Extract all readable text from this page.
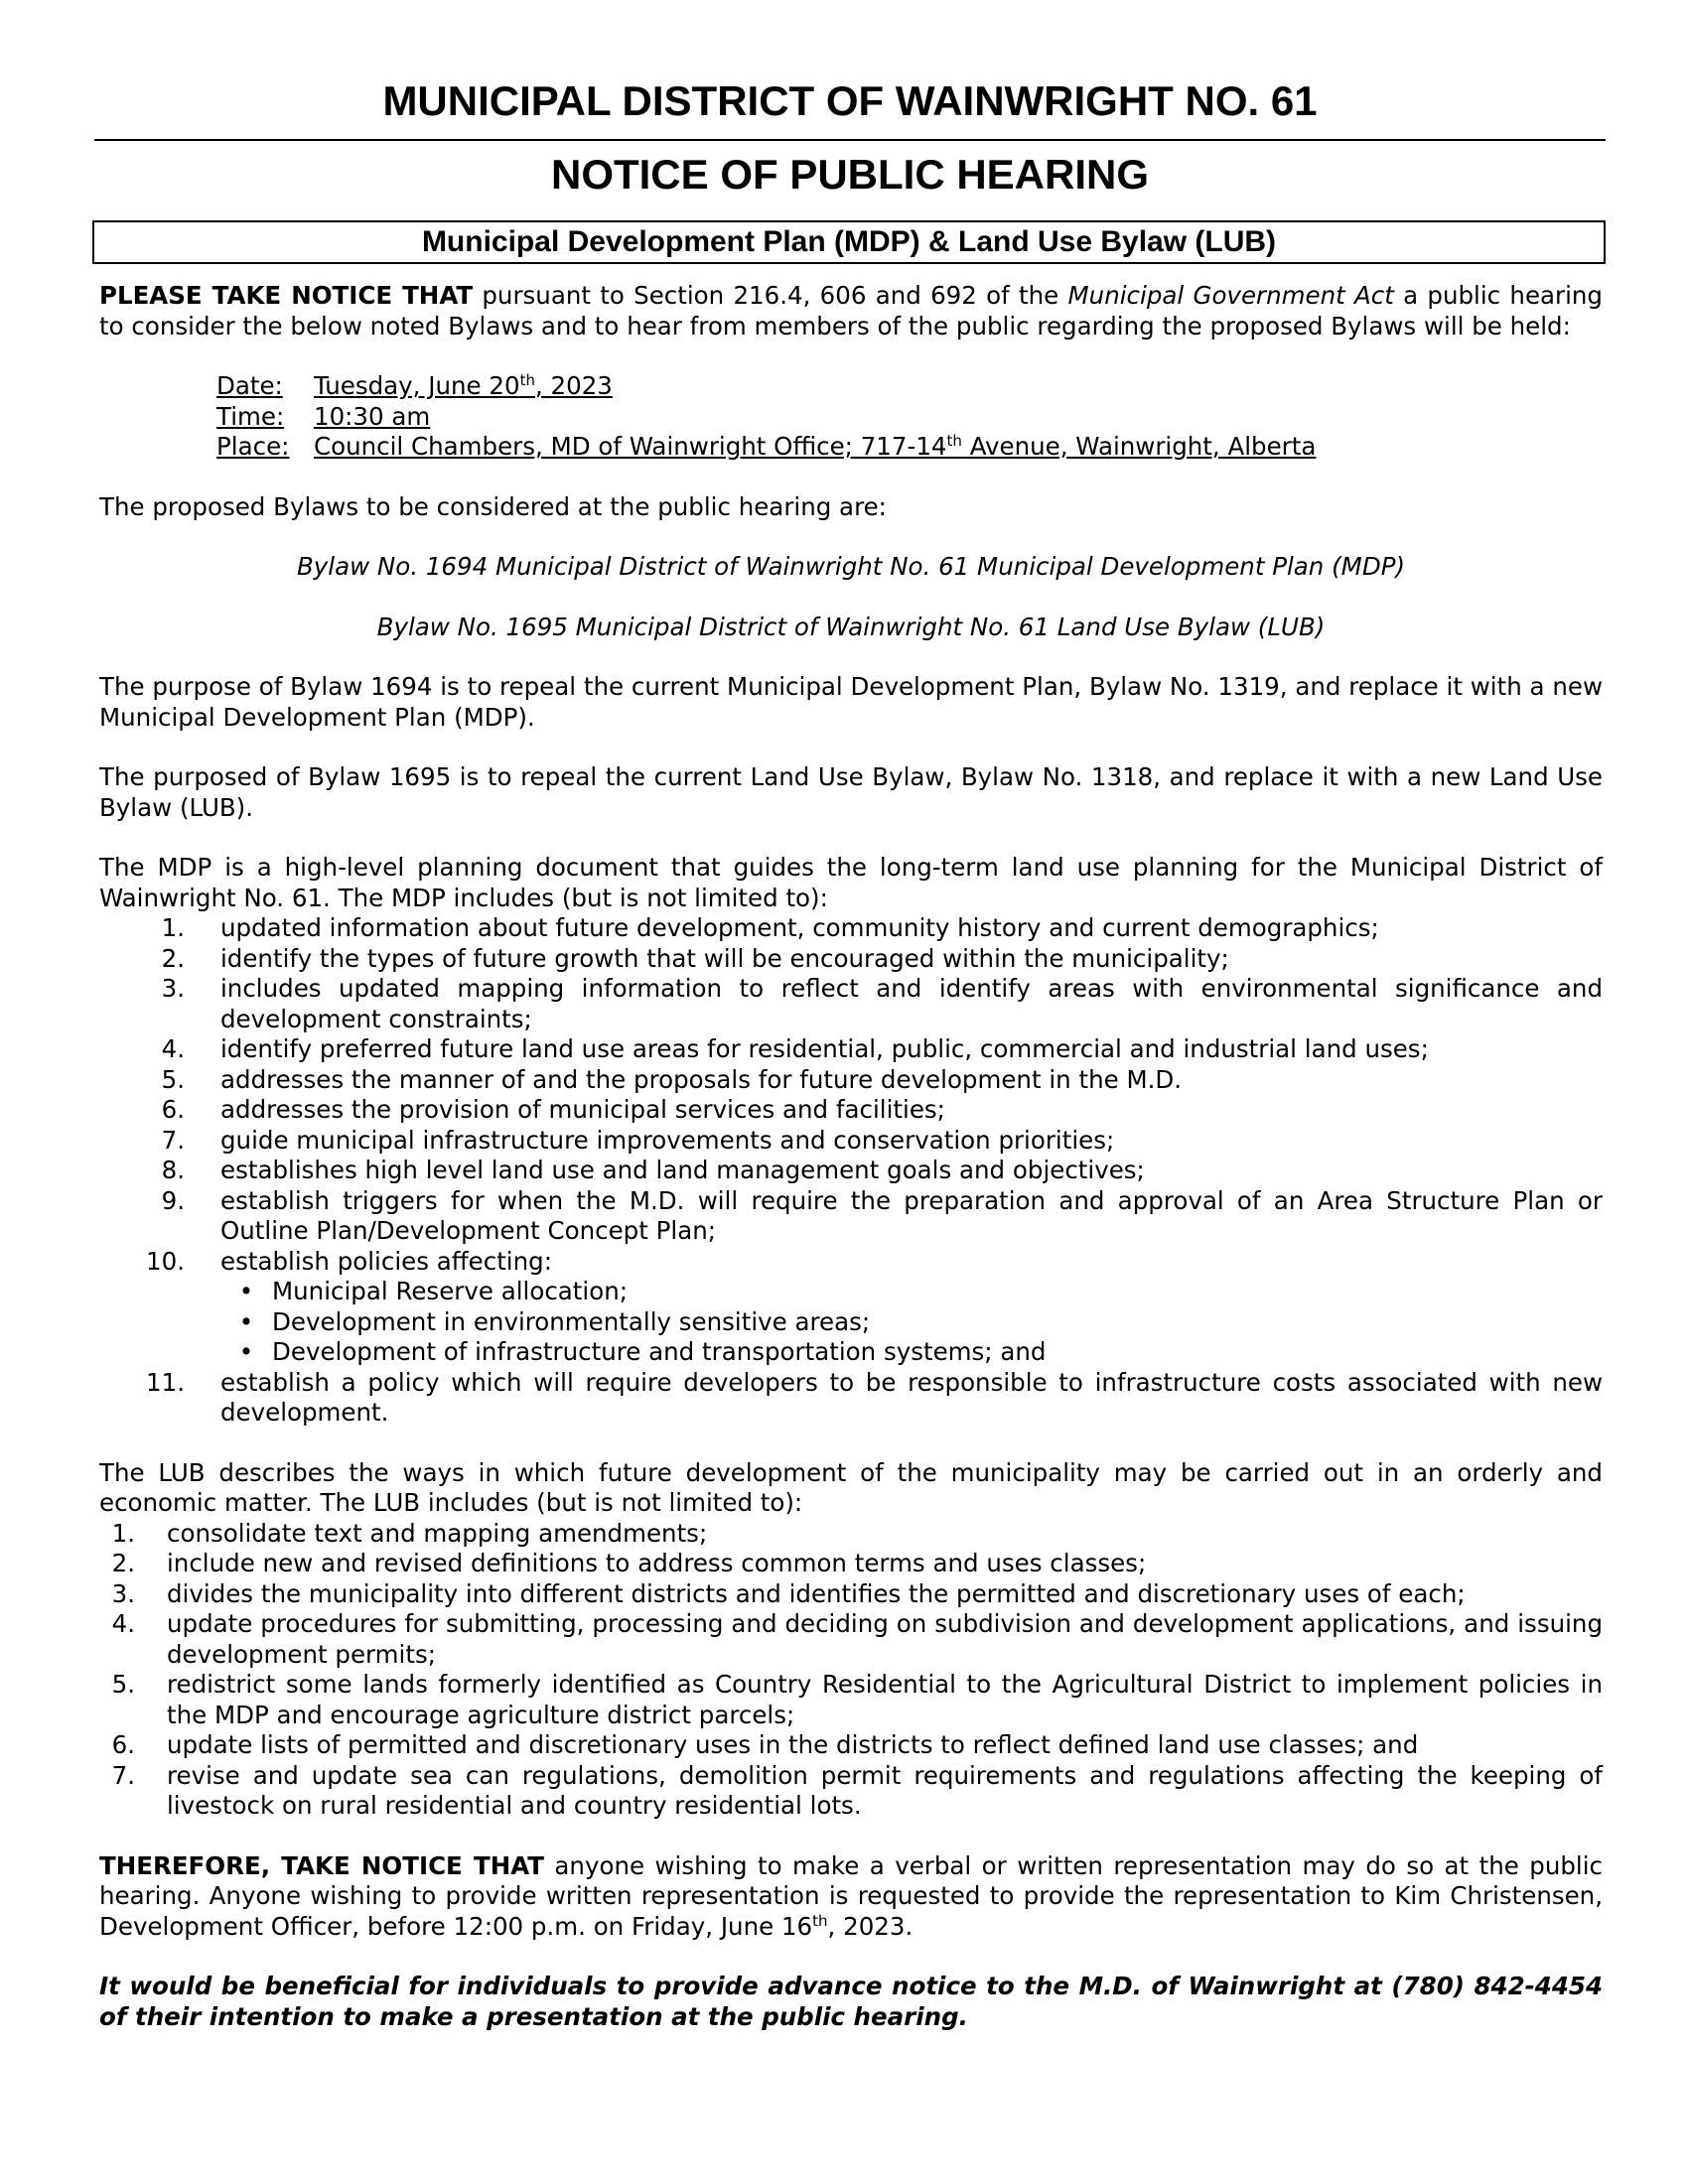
MUNICIPAL DISTRICT OF WAINWRIGHT NO. 61
NOTICE OF PUBLIC HEARING
Municipal Development Plan (MDP) & Land Use Bylaw (LUB)

PLEASE TAKE NOTICE THAT pursuant to Section 216.4, 606 and 692 of the Municipal Government Act a public hearing to consider the below noted Bylaws and to hear from members of the public regarding the proposed Bylaws will be held:

Date:	Tuesday, June 20th, 2023
Time:	10:30 am
Place:	Council Chambers, MD of Wainwright Office; 717-14th Avenue, Wainwright, Alberta

The proposed Bylaws to be considered at the public hearing are:

Bylaw No. 1694 Municipal District of Wainwright No. 61 Municipal Development Plan (MDP)

Bylaw No. 1695 Municipal District of Wainwright No. 61 Land Use Bylaw (LUB)

The purpose of Bylaw 1694 is to repeal the current Municipal Development Plan, Bylaw No. 1319, and replace it with a new Municipal Development Plan (MDP).

The purposed of Bylaw 1695 is to repeal the current Land Use Bylaw, Bylaw No. 1318, and replace it with a new Land Use Bylaw (LUB).

The MDP is a high-level planning document that guides the long-term land use planning for the Municipal District of Wainwright No. 61. The MDP includes (but is not limited to):

1.	updated information about future development, community history and current demographics;
2.	identify the types of future growth that will be encouraged within the municipality;
3.	includes updated mapping information to reflect and identify areas with environmental significance and development constraints;
4.	identify preferred future land use areas for residential, public, commercial and industrial land uses;
5.	addresses the manner of and the proposals for future development in the M.D.
6.	addresses the provision of municipal services and facilities;
7.	guide municipal infrastructure improvements and conservation priorities;
8.	establishes high level land use and land management goals and objectives;
9.	establish triggers for when the M.D. will require the preparation and approval of an Area Structure Plan or Outline Plan/Development Concept Plan;
10.	establish policies affecting:
• Municipal Reserve allocation;
• Development in environmentally sensitive areas;
• Development of infrastructure and transportation systems; and
11.	establish a policy which will require developers to be responsible to infrastructure costs associated with new development.

The LUB describes the ways in which future development of the municipality may be carried out in an orderly and economic matter. The LUB includes (but is not limited to):

1.	consolidate text and mapping amendments;
2.	include new and revised definitions to address common terms and uses classes;
3.	divides the municipality into different districts and identifies the permitted and discretionary uses of each;
4.	update procedures for submitting, processing and deciding on subdivision and development applications, and issuing development permits;
5.	redistrict some lands formerly identified as Country Residential to the Agricultural District to implement policies in the MDP and encourage agriculture district parcels;
6.	update lists of permitted and discretionary uses in the districts to reflect defined land use classes; and
7.	revise and update sea can regulations, demolition permit requirements and regulations affecting the keeping of livestock on rural residential and country residential lots.

THEREFORE, TAKE NOTICE THAT anyone wishing to make a verbal or written representation may do so at the public hearing. Anyone wishing to provide written representation is requested to provide the representation to Kim Christensen, Development Officer, before 12:00 p.m. on Friday, June 16th, 2023.

It would be beneficial for individuals to provide advance notice to the M.D. of Wainwright at (780) 842-4454 of their intention to make a presentation at the public hearing.
